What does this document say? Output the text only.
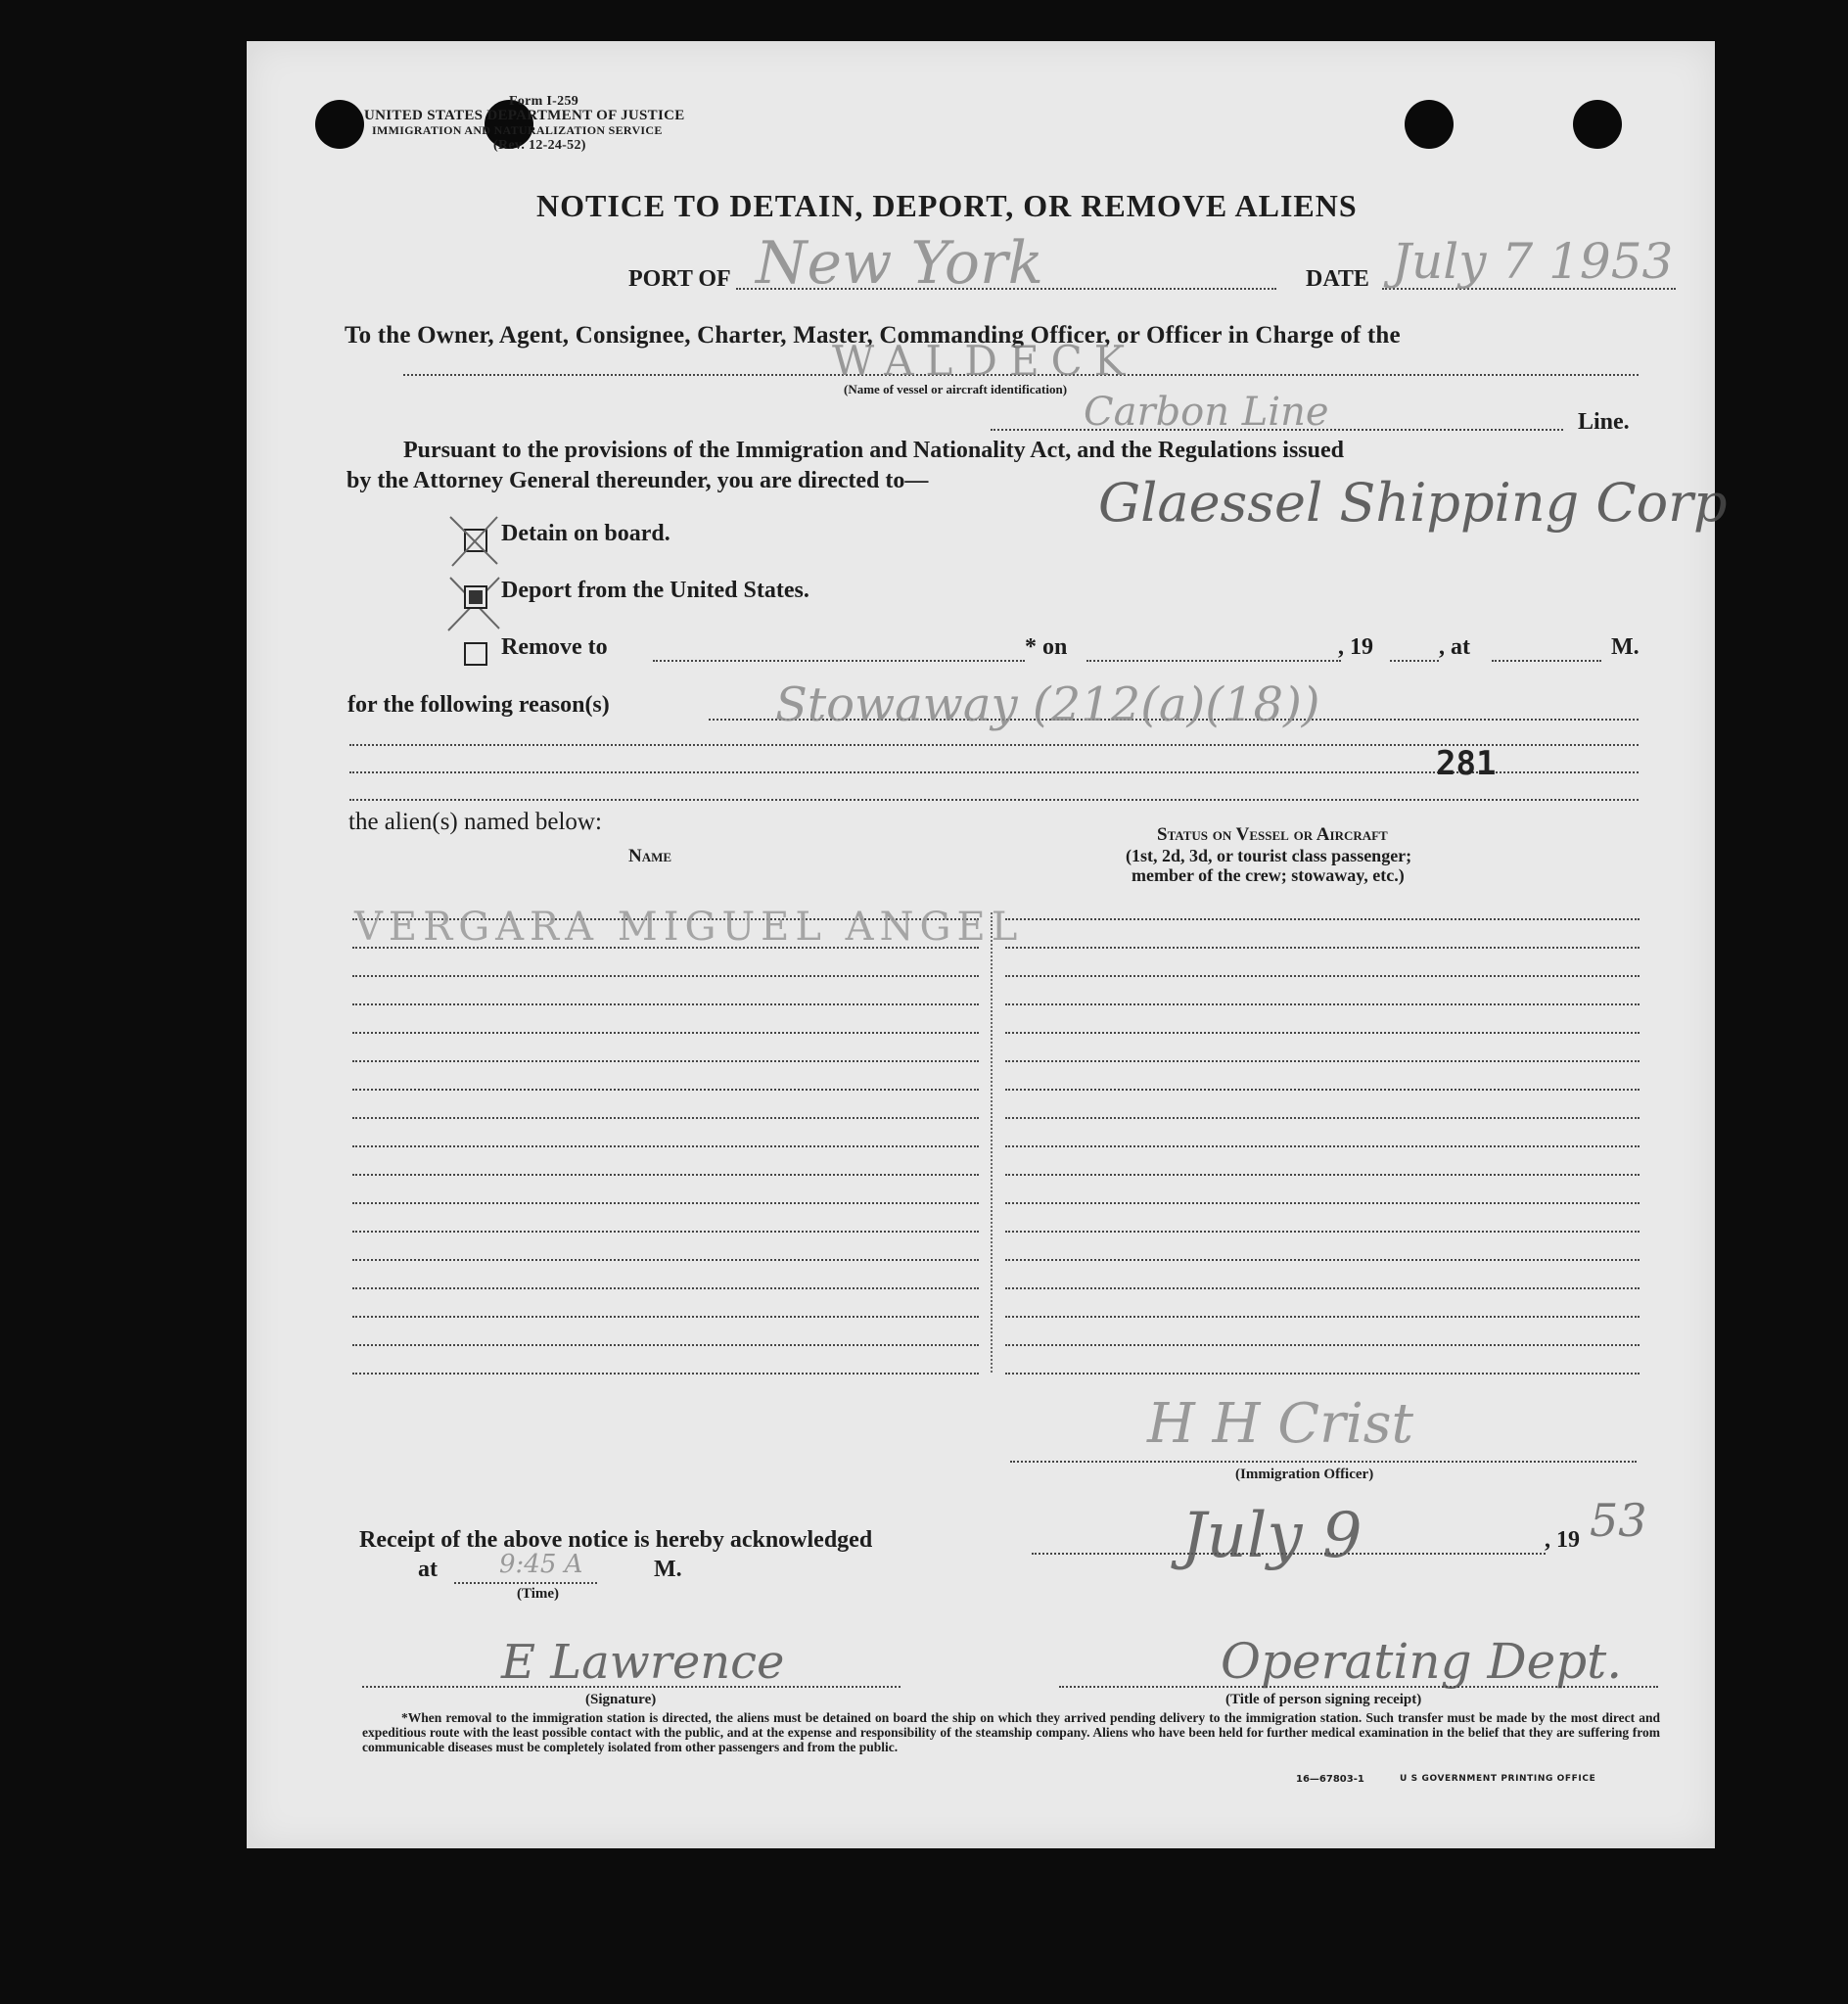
Form I-259
UNITED STATES DEPARTMENT OF JUSTICE
IMMIGRATION AND NATURALIZATION SERVICE
(Rev. 12-24-52)
NOTICE TO DETAIN, DEPORT, OR REMOVE ALIENS
PORT OF New York	DATE July 7 1953
To the Owner, Agent, Consignee, Charter, Master, Commanding Officer, or Officer in Charge of the
WALDECK
(Name of vessel or aircraft identification)
Carbon Line	Line.
Pursuant to the provisions of the Immigration and Nationality Act, and the Regulations issued
by the Attorney General thereunder, you are directed to—	Glaessel Shipping Corp
Detain on board.
Deport from the United States.
Remove to	* on	, 19	, at	M.
for the following reason(s)	Stowaway (212(a)(18))
281
the alien(s) named below:
Name
Status on Vessel or Aircraft
(1st, 2d, 3d, or tourist class passenger;
member of the crew; stowaway, etc.)
VERGARA MIGUEL ANGEL
H H Crist
(Immigration Officer)
Receipt of the above notice is hereby acknowledged	July 9	, 19 53
at 9:45 A	M.
(Time)
E Lawrence
(Signature)
Operating Dept.
(Title of person signing receipt)
*When removal to the immigration station is directed, the aliens must be detained on board the ship on which they arrived pending delivery to the immigration station. Such transfer must be made by the most direct and expeditious route with the least possible contact with the public, and at the expense and responsibility of the steamship company. Aliens who have been held for further medical examination in the belief that they are suffering from communicable diseases must be completely isolated from other passengers and from the public.
16—67803-1	U S GOVERNMENT PRINTING OFFICE
